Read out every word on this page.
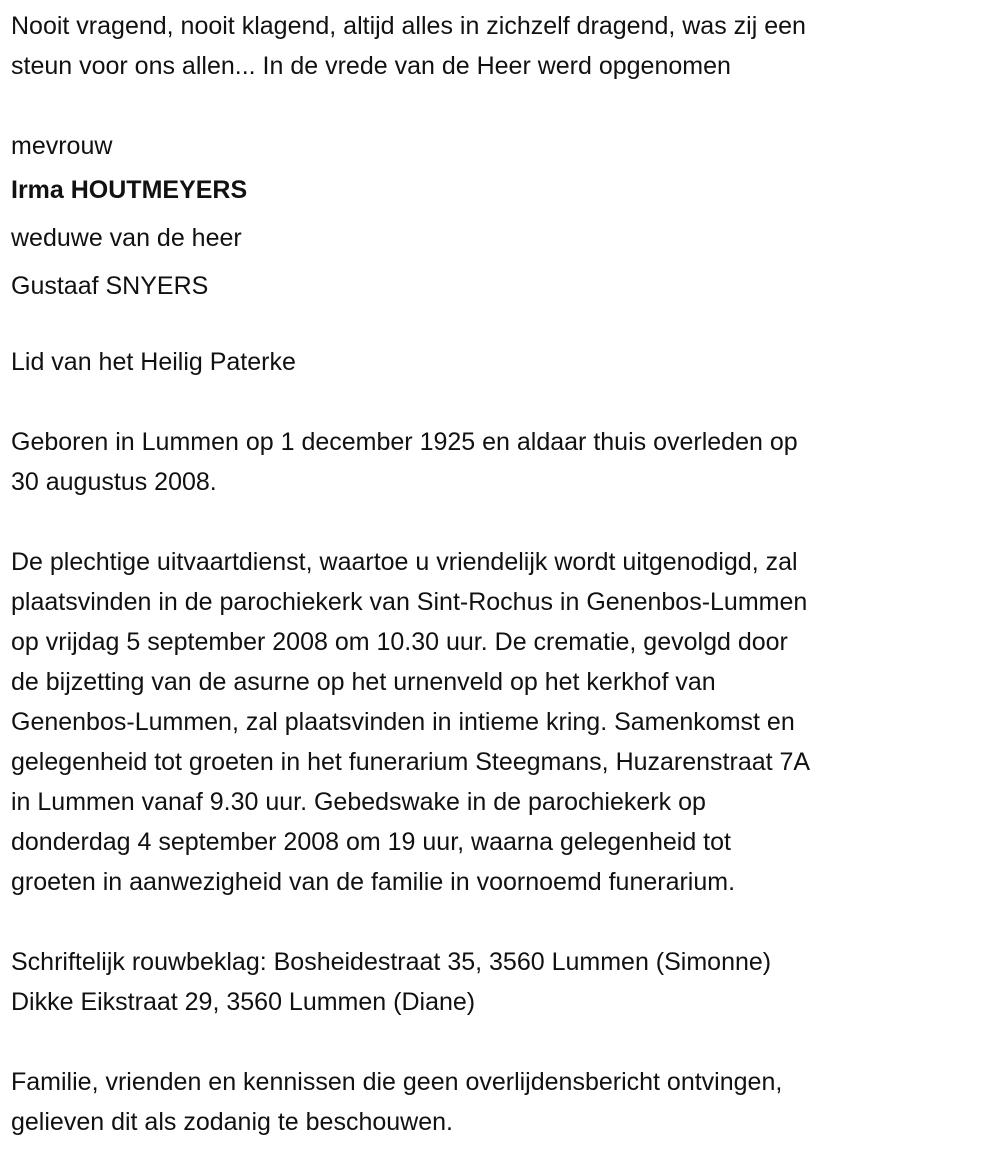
Nooit vragend, nooit klagend, altijd alles in zichzelf dragend, was zij een
steun voor ons allen... In de vrede van de Heer werd opgenomen
mevrouw
Irma HOUTMEYERS
weduwe van de heer
Gustaaf SNYERS
Lid van het Heilig Paterke
Geboren in Lummen op 1 december 1925 en aldaar thuis overleden op
30 augustus 2008.
De plechtige uitvaartdienst, waartoe u vriendelijk wordt uitgenodigd, zal
plaatsvinden in de parochiekerk van Sint-Rochus in Genenbos-Lummen
op vrijdag 5 september 2008 om 10.30 uur. De crematie, gevolgd door
de bijzetting van de asurne op het urnenveld op het kerkhof van
Genenbos-Lummen, zal plaatsvinden in intieme kring. Samenkomst en
gelegenheid tot groeten in het funerarium Steegmans, Huzarenstraat 7A
in Lummen vanaf 9.30 uur. Gebedswake in de parochiekerk op
donderdag 4 september 2008 om 19 uur, waarna gelegenheid tot
groeten in aanwezigheid van de familie in voornoemd funerarium.
Schriftelijk rouwbeklag: Bosheidestraat 35, 3560 Lummen (Simonne)
Dikke Eikstraat 29, 3560 Lummen (Diane)
Familie, vrienden en kennissen die geen overlijdensbericht ontvingen,
gelieven dit als zodanig te beschouwen.
